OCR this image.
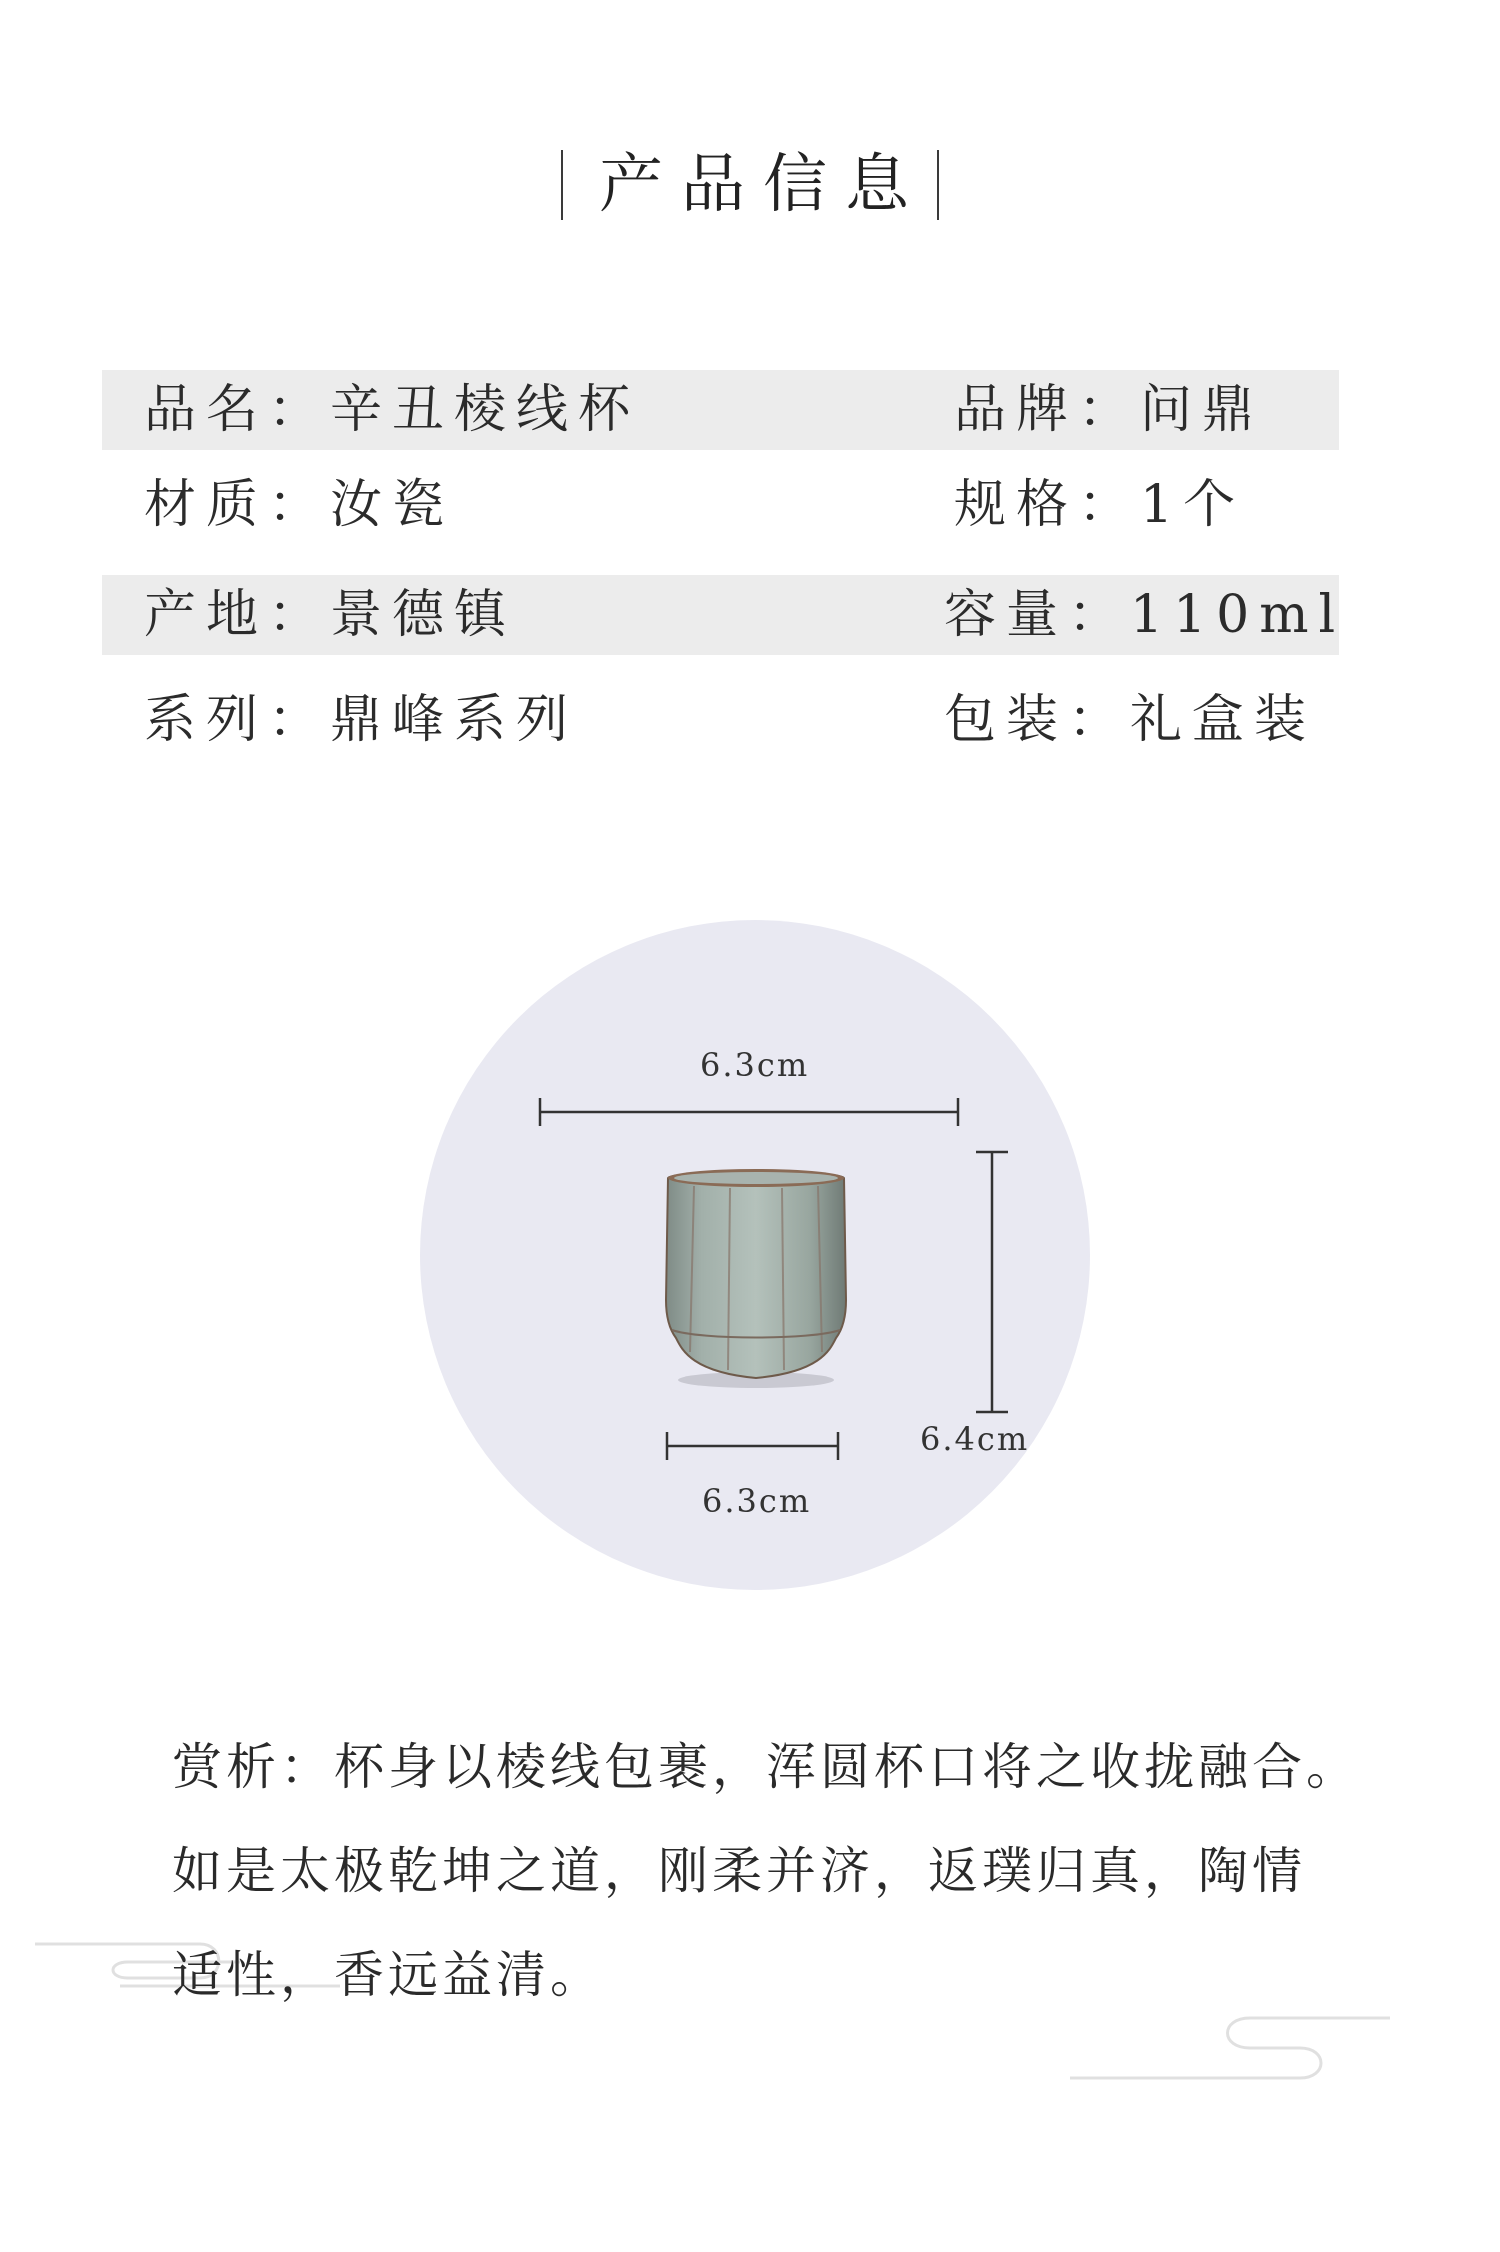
产品信息
品名：辛丑棱线杯	品牌：问鼎
材质：汝瓷	规格：1个
产地：景德镇	容量：110ml
系列：鼎峰系列	包装：礼盒装
6.3cm
6.4cm
6.3cm

赏析：杯身以棱线包裹，浑圆杯口将之收拢融合。

如是太极乾坤之道，刚柔并济，返璞归真，陶情

适性，香远益清。
